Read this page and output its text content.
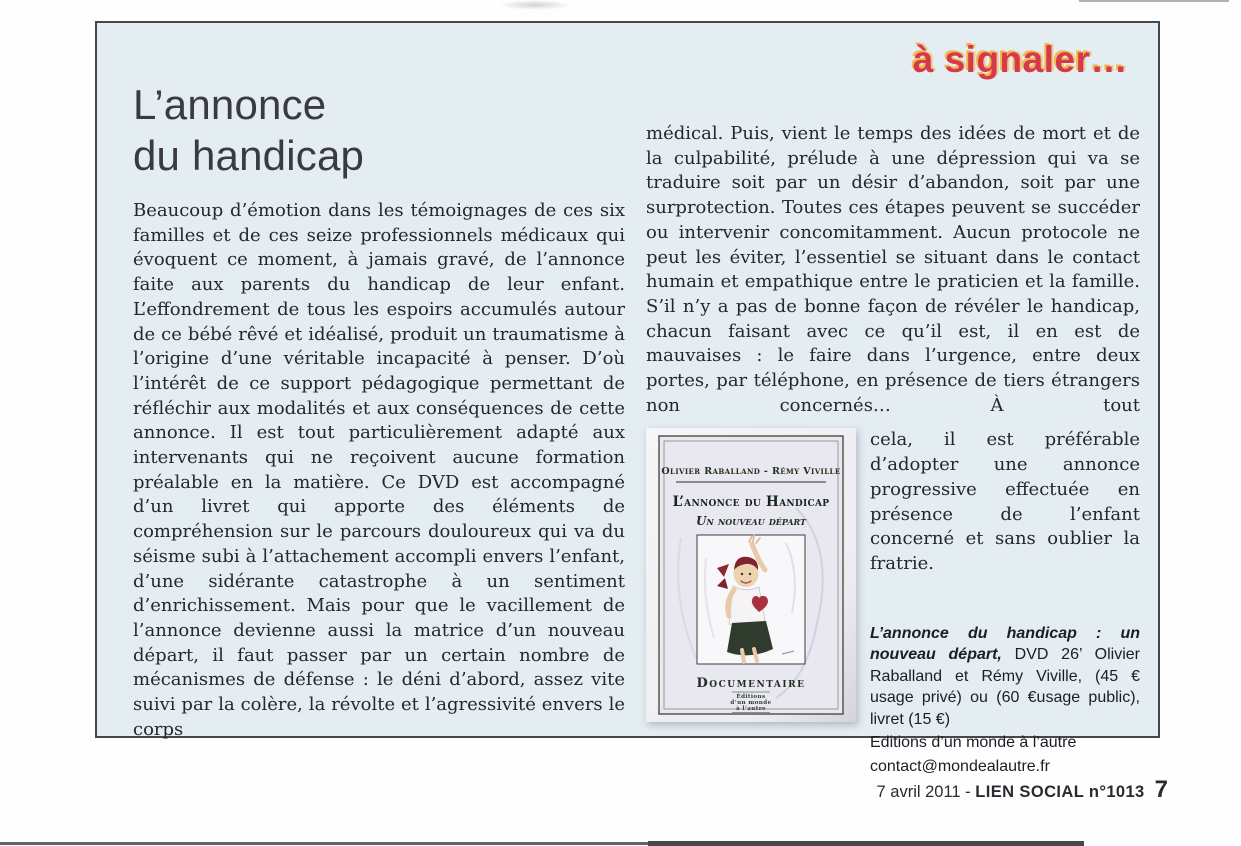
à signaler…
L’annonce
du handicap
Beaucoup d’émotion dans les témoignages de ces six familles et de ces seize professionnels médicaux qui évoquent ce moment, à jamais gravé, de l’annonce faite aux parents du handicap de leur enfant. L’effondrement de tous les espoirs accumulés autour de ce bébé rêvé et idéalisé, produit un traumatisme à l’origine d’une véritable incapacité à penser. D’où l’intérêt de ce support pédagogique permettant de réfléchir aux modalités et aux conséquences de cette annonce. Il est tout particulièrement adapté aux intervenants qui ne reçoivent aucune formation préalable en la matière. Ce DVD est accompagné d’un livret qui apporte des éléments de compréhension sur le parcours douloureux qui va du séisme subi à l’attachement accompli envers l’enfant, d’une sidérante catastrophe à un sentiment d’enrichissement. Mais pour que le vacillement de l’annonce devienne aussi la matrice d’un nouveau départ, il faut passer par un certain nombre de mécanismes de défense : le déni d’abord, assez vite suivi par la colère, la révolte et l’agressivité envers le corps
médical. Puis, vient le temps des idées de mort et de la culpabilité, prélude à une dépression qui va se traduire soit par un désir d’abandon, soit par une surprotection. Toutes ces étapes peuvent se succéder ou intervenir concomitamment. Aucun protocole ne peut les éviter, l’essentiel se situant dans le contact humain et empathique entre le praticien et la famille. S’il n’y a pas de bonne façon de révéler le handicap, chacun faisant avec ce qu’il est, il en est de mauvaises : le faire dans l’urgence, entre deux portes, par téléphone, en présence de tiers étrangers non concernés… À tout
Olivier Raballand - Rémy Viville
L’annonce du Handicap
Un nouveau départ
Documentaire
Éditions
d’un monde
à l’autre
cela, il est préférable d’adopter une annonce progressive effectuée en présence de l’enfant concerné et sans oublier la fratrie.
L’annonce du handicap : un nouveau départ, DVD 26’ Olivier Raballand et Rémy Viville, (45 € usage privé) ou (60 €usage public), livret (15 €)
Editions d’un monde à l’autre
contact@mondealautre.fr
7 avril 2011 - LIEN SOCIAL n°1013 7
